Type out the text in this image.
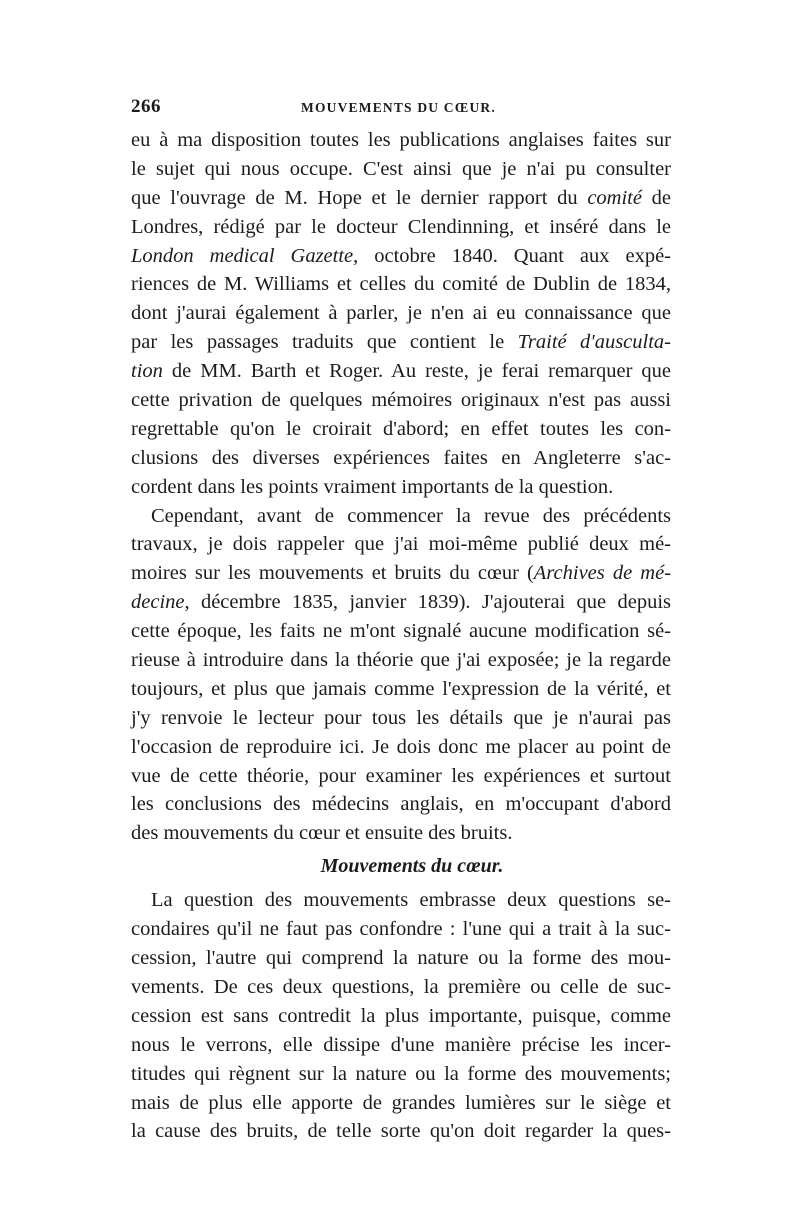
266	MOUVEMENTS DU CŒUR.
eu à ma disposition toutes les publications anglaises faites sur
le sujet qui nous occupe. C'est ainsi que je n'ai pu consulter
que l'ouvrage de M. Hope et le dernier rapport du comité de
Londres, rédigé par le docteur Clendinning, et inséré dans le
London medical Gazette, octobre 1840. Quant aux expé-
riences de M. Williams et celles du comité de Dublin de 1834,
dont j'aurai également à parler, je n'en ai eu connaissance que
par les passages traduits que contient le Traité d'ausculta-
tion de MM. Barth et Roger. Au reste, je ferai remarquer que
cette privation de quelques mémoires originaux n'est pas aussi
regrettable qu'on le croirait d'abord; en effet toutes les con-
clusions des diverses expériences faites en Angleterre s'ac-
cordent dans les points vraiment importants de la question.
Cependant, avant de commencer la revue des précédents
travaux, je dois rappeler que j'ai moi-même publié deux mé-
moires sur les mouvements et bruits du cœur (Archives de mé-
decine, décembre 1835, janvier 1839). J'ajouterai que depuis
cette époque, les faits ne m'ont signalé aucune modification sé-
rieuse à introduire dans la théorie que j'ai exposée; je la regarde
toujours, et plus que jamais comme l'expression de la vérité, et
j'y renvoie le lecteur pour tous les détails que je n'aurai pas
l'occasion de reproduire ici. Je dois donc me placer au point de
vue de cette théorie, pour examiner les expériences et surtout
les conclusions des médecins anglais, en m'occupant d'abord
des mouvements du cœur et ensuite des bruits.
Mouvements du cœur.
La question des mouvements embrasse deux questions se-
condaires qu'il ne faut pas confondre : l'une qui a trait à la suc-
cession, l'autre qui comprend la nature ou la forme des mou-
vements. De ces deux questions, la première ou celle de suc-
cession est sans contredit la plus importante, puisque, comme
nous le verrons, elle dissipe d'une manière précise les incer-
titudes qui règnent sur la nature ou la forme des mouvements;
mais de plus elle apporte de grandes lumières sur le siège et
la cause des bruits, de telle sorte qu'on doit regarder la ques-
